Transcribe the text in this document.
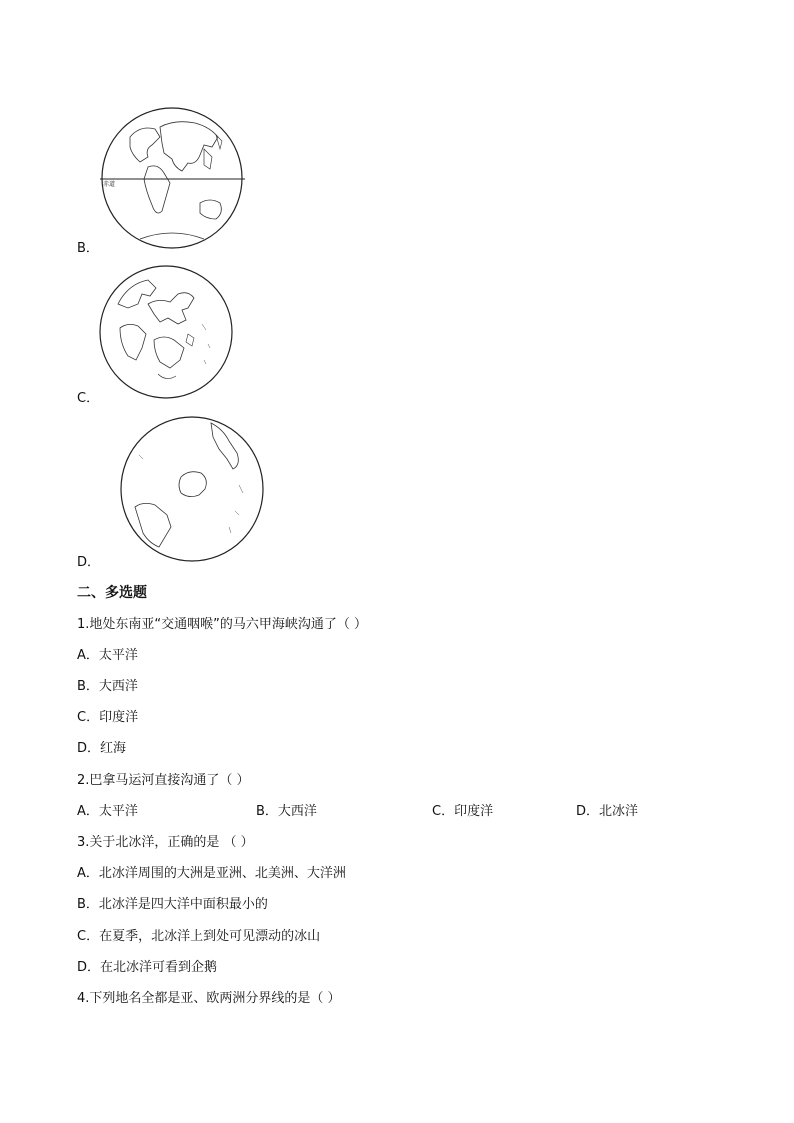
B．
赤道
C．
D．
二、多选题
1.地处东南亚“交通咽喉”的马六甲海峡沟通了（ ）
A．太平洋
B．大西洋
C．印度洋
D．红海
2.巴拿马运河直接沟通了（ ）
A．太平洋	B．大西洋	C．印度洋	D．北冰洋
3.关于北冰洋，正确的是 （ ）
A．北冰洋周围的大洲是亚洲、北美洲、大洋洲
B．北冰洋是四大洋中面积最小的
C．在夏季，北冰洋上到处可见漂动的冰山
D．在北冰洋可看到企鹅
4.下列地名全都是亚、欧两洲分界线的是（ ）
